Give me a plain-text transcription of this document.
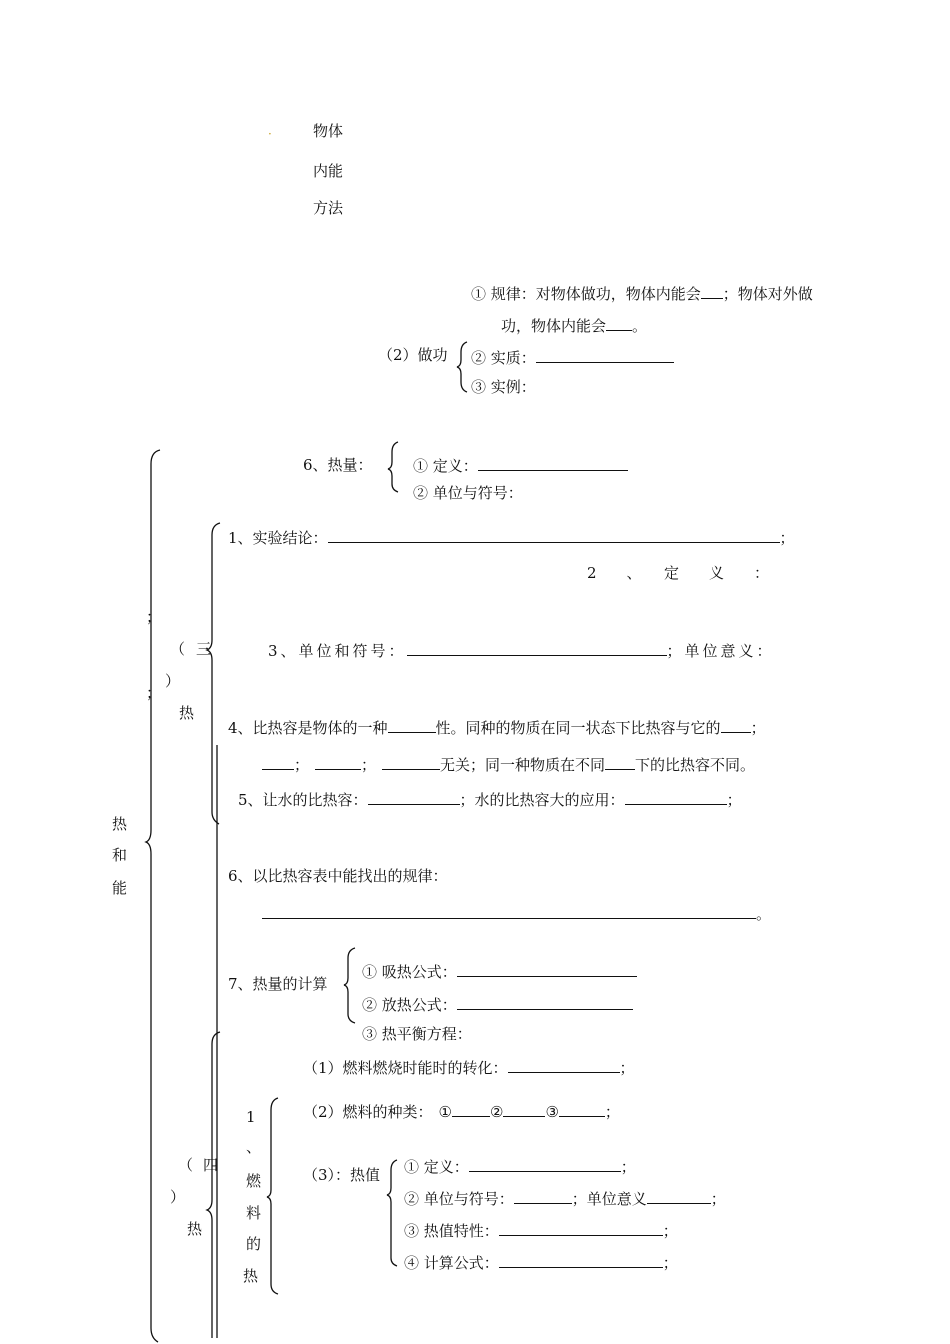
·	物体
内能
方法
① 规律：对物体做功，物体内能会 ；物体对外做
功，物体内能会 。
（2）做功 ② 实质：
③ 实例：
6、热量：	① 定义：
② 单位与符号：
；
；
热
和
能
（ 三
）
热
1、实验结论：	；
2　　、　　定　　义　　：
3、单位和符号：	；单位意义：
4、比热容是物体的一种	性。同种的物质在同一状态下比热容与它的 ；
；	；	无关；同一种物质在不同 下的比热容不同。
5、让水的比热容：	；水的比热容大的应用：	；
6、以比热容表中能找出的规律：
。
7、热量的计算
① 吸热公式：
② 放热公式：
③ 热平衡方程：
（ 四
）
热
1
、
燃
料
的
热
（1）燃料燃烧时能时的转化：	；
（2）燃料的种类： ①	②	③	；
（3）：热值 ① 定义：	；
② 单位与符号：	；单位意义	；
③ 热值特性：	；
④ 计算公式：	；
